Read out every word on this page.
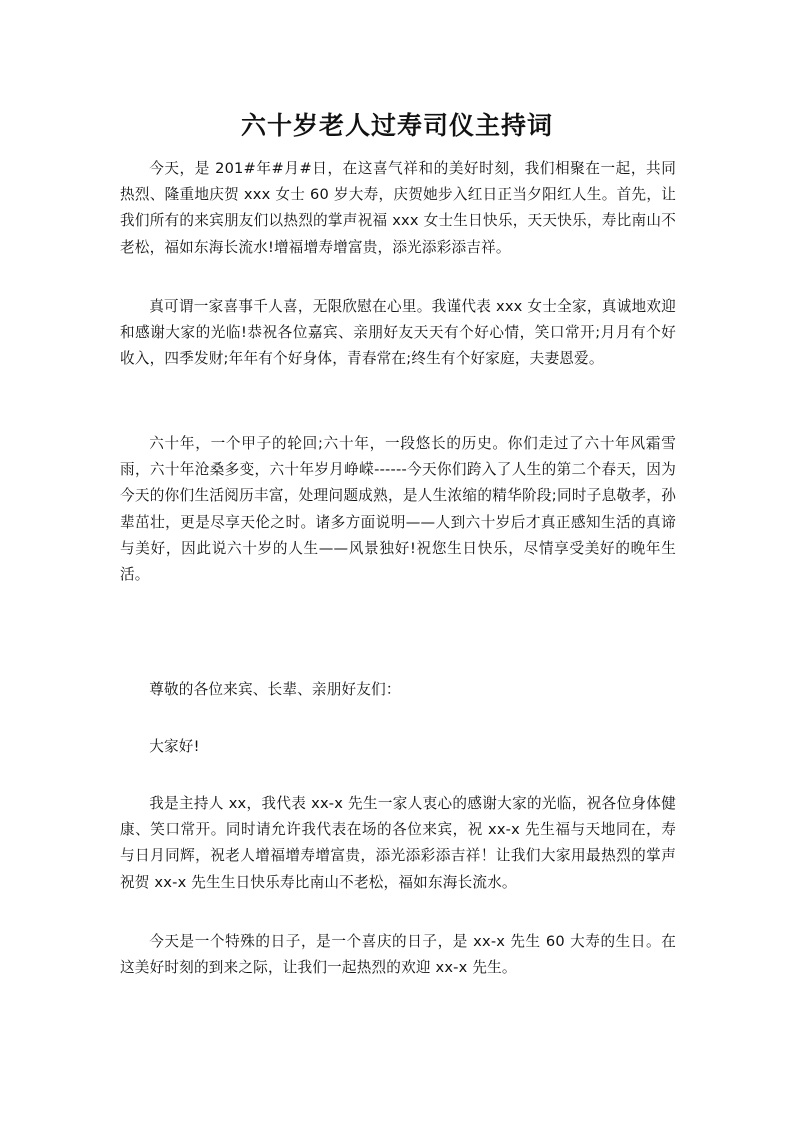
六十岁老人过寿司仪主持词

今天，是 201#年#月#日，在这喜气祥和的美好时刻，我们相聚在一起，共同热烈、隆重地庆贺 xxx 女士 60 岁大寿，庆贺她步入红日正当夕阳红人生。首先，让我们所有的来宾朋友们以热烈的掌声祝福 xxx 女士生日快乐，天天快乐，寿比南山不老松，福如东海长流水!增福增寿增富贵，添光添彩添吉祥。

真可谓一家喜事千人喜，无限欣慰在心里。我谨代表 xxx 女士全家，真诚地欢迎和感谢大家的光临!恭祝各位嘉宾、亲朋好友天天有个好心情，笑口常开;月月有个好收入，四季发财;年年有个好身体，青春常在;终生有个好家庭，夫妻恩爱。

六十年，一个甲子的轮回;六十年，一段悠长的历史。你们走过了六十年风霜雪雨，六十年沧桑多变，六十年岁月峥嵘------今天你们跨入了人生的第二个春天，因为今天的你们生活阅历丰富，处理问题成熟，是人生浓缩的精华阶段;同时子息敬孝，孙辈茁壮，更是尽享天伦之时。诸多方面说明——人到六十岁后才真正感知生活的真谛与美好，因此说六十岁的人生——风景独好!祝您生日快乐，尽情享受美好的晚年生活。

尊敬的各位来宾、长辈、亲朋好友们：

大家好!

我是主持人 xx，我代表 xx-x 先生一家人衷心的感谢大家的光临，祝各位身体健康、笑口常开。同时请允许我代表在场的各位来宾，祝 xx-x 先生福与天地同在，寿与日月同辉，祝老人增福增寿增富贵，添光添彩添吉祥！让我们大家用最热烈的掌声祝贺 xx-x 先生生日快乐寿比南山不老松，福如东海长流水。

今天是一个特殊的日子，是一个喜庆的日子，是 xx-x 先生 60 大寿的生日。在这美好时刻的到来之际，让我们一起热烈的欢迎 xx-x 先生。
